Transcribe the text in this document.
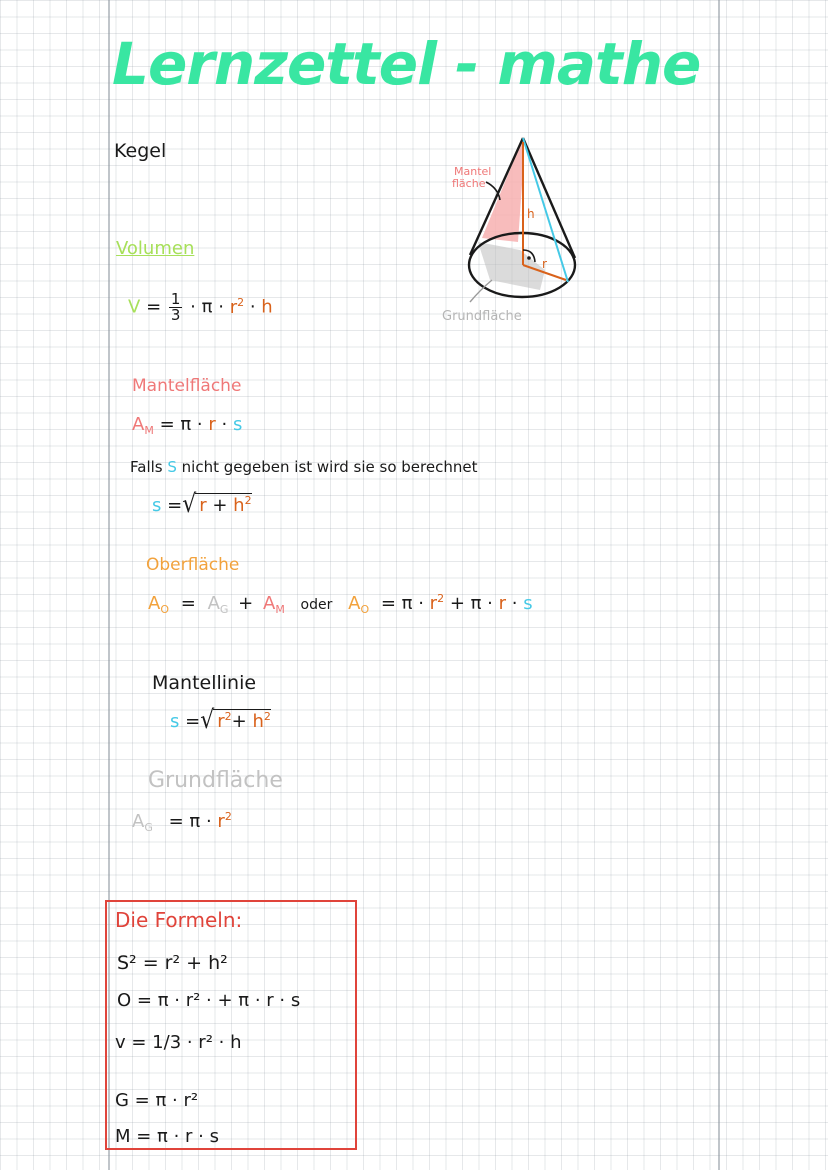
Lernzettel - mathe
Kegel
Mantel
fläche
h
r
Grundfläche
Volumen
$V = \frac{1}{3} \cdot \pi \cdot r^2 \cdot h$
Mantelfläche
$A_M = \pi \cdot r \cdot s$
Falls S nicht gegeben ist wird sie so berechnet
s =√ $r + h^2$
Oberfläche
$A_O = A_G + A_M$ oder $A_O = \pi \cdot r^2 + \pi \cdot r \cdot s$
Mantellinie
s =√ $r^2+ h^2$
Grundfläche
$A_G = \pi \cdot r^2$
Die Formeln:
S² = r² + h²
O = π · r² · + π · r · s
v = 1/3 · r² · h
G = π · r²
M = π · r · s
